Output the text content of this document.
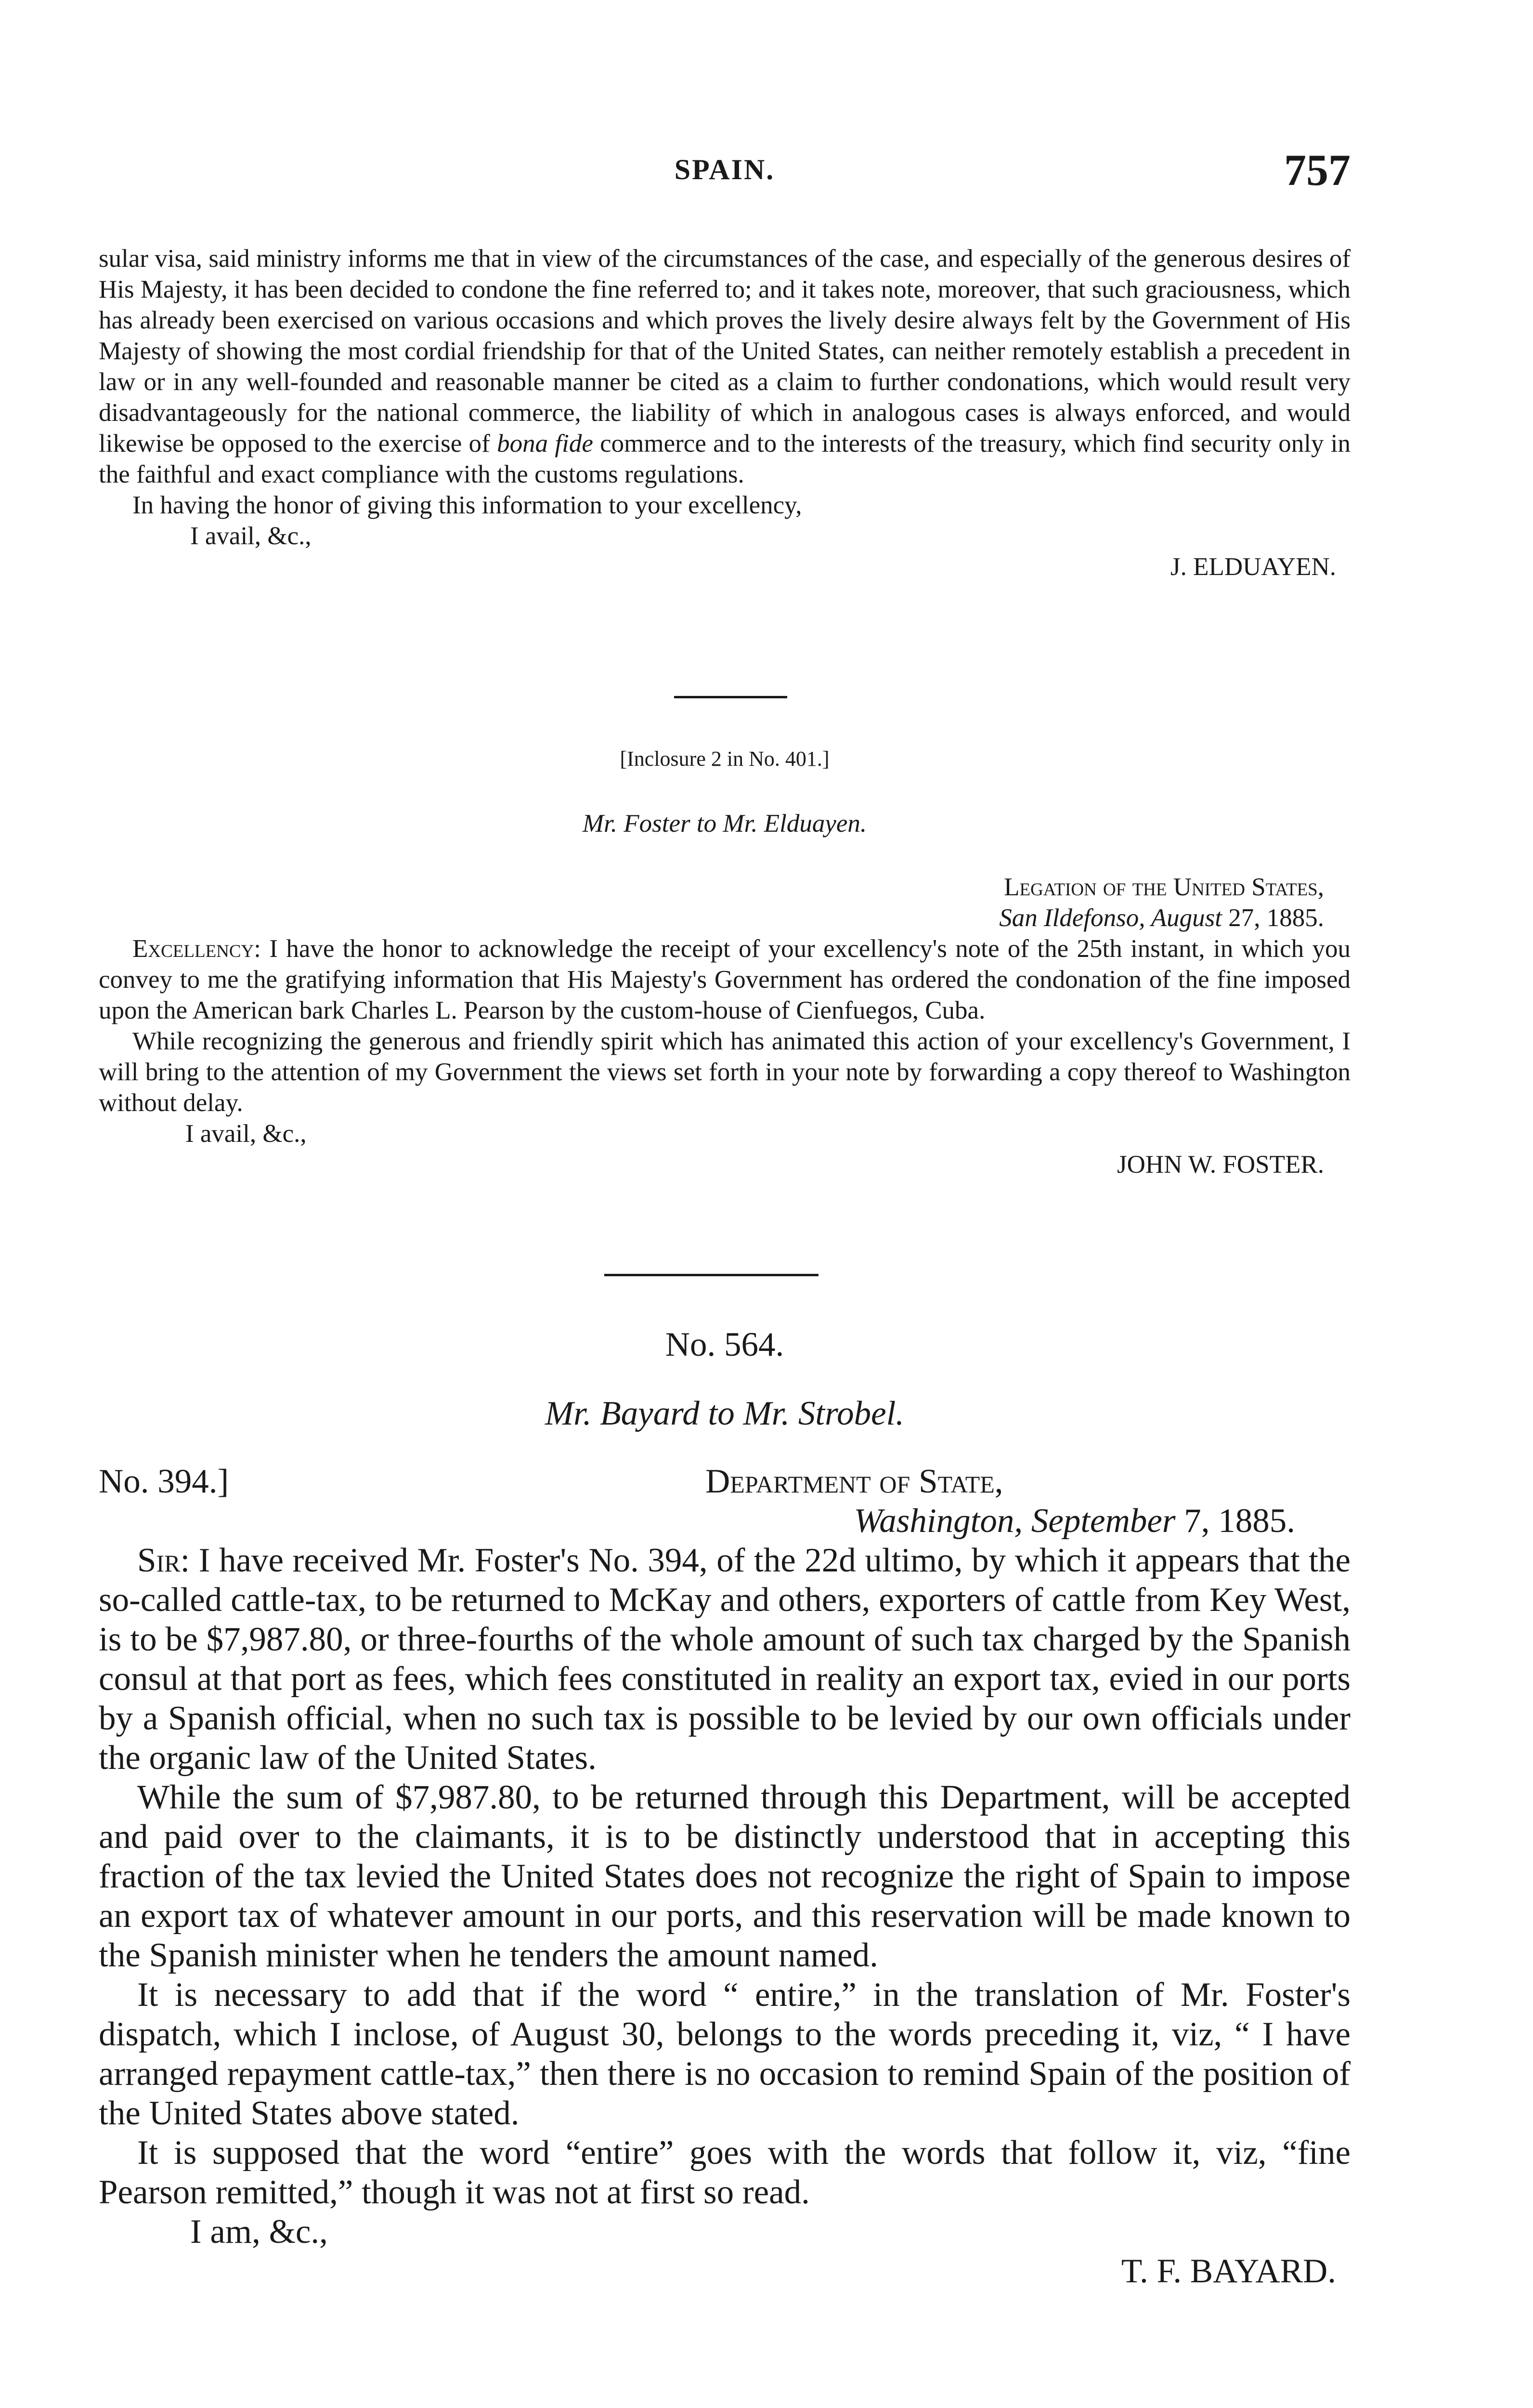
SPAIN.	757

sular visa, said ministry informs me that in view of the circumstances of the case, and especially of the generous desires of His Majesty, it has been decided to condone the fine referred to; and it takes note, moreover, that such graciousness, which has already been exercised on various occasions and which proves the lively desire always felt by the Government of His Majesty of showing the most cordial friendship for that of the United States, can neither remotely establish a precedent in law or in any well-founded and reasonable manner be cited as a claim to further condonations, which would result very disadvantageously for the national commerce, the liability of which in analogous cases is always enforced, and would likewise be opposed to the exercise of bona fide commerce and to the interests of the treasury, which find security only in the faithful and exact compliance with the customs regulations.

In having the honor of giving this information to your excellency,

I avail, &c.,

J. ELDUAYEN.

[Inclosure 2 in No. 401.]
Mr. Foster to Mr. Elduayen.

Legation of the United States,

San Ildefonso, August 27, 1885.

Excellency: I have the honor to acknowledge the receipt of your excellency's note of the 25th instant, in which you convey to me the gratifying information that His Majesty's Government has ordered the condonation of the fine imposed upon the American bark Charles L. Pearson by the custom-house of Cienfuegos, Cuba.

While recognizing the generous and friendly spirit which has animated this action of your excellency's Government, I will bring to the attention of my Government the views set forth in your note by forwarding a copy thereof to Washington without delay.

I avail, &c.,

JOHN W. FOSTER.

No. 564.
Mr. Bayard to Mr. Strobel.
No. 394.]	Department of State,

Washington, September 7, 1885.

Sir: I have received Mr. Foster's No. 394, of the 22d ultimo, by which it appears that the so-called cattle-tax, to be returned to McKay and others, exporters of cattle from Key West, is to be $7,987.80, or three-fourths of the whole amount of such tax charged by the Spanish consul at that port as fees, which fees constituted in reality an export tax, evied in our ports by a Spanish official, when no such tax is possible to be levied by our own officials under the organic law of the United States.

While the sum of $7,987.80, to be returned through this Department, will be accepted and paid over to the claimants, it is to be distinctly understood that in accepting this fraction of the tax levied the United States does not recognize the right of Spain to impose an export tax of whatever amount in our ports, and this reservation will be made known to the Spanish minister when he tenders the amount named.

It is necessary to add that if the word “ entire,” in the translation of Mr. Foster's dispatch, which I inclose, of August 30, belongs to the words preceding it, viz, “ I have arranged repayment cattle-tax,” then there is no occasion to remind Spain of the position of the United States above stated.

It is supposed that the word “entire” goes with the words that follow it, viz, “fine Pearson remitted,” though it was not at first so read.

I am, &c.,

T. F. BAYARD.
